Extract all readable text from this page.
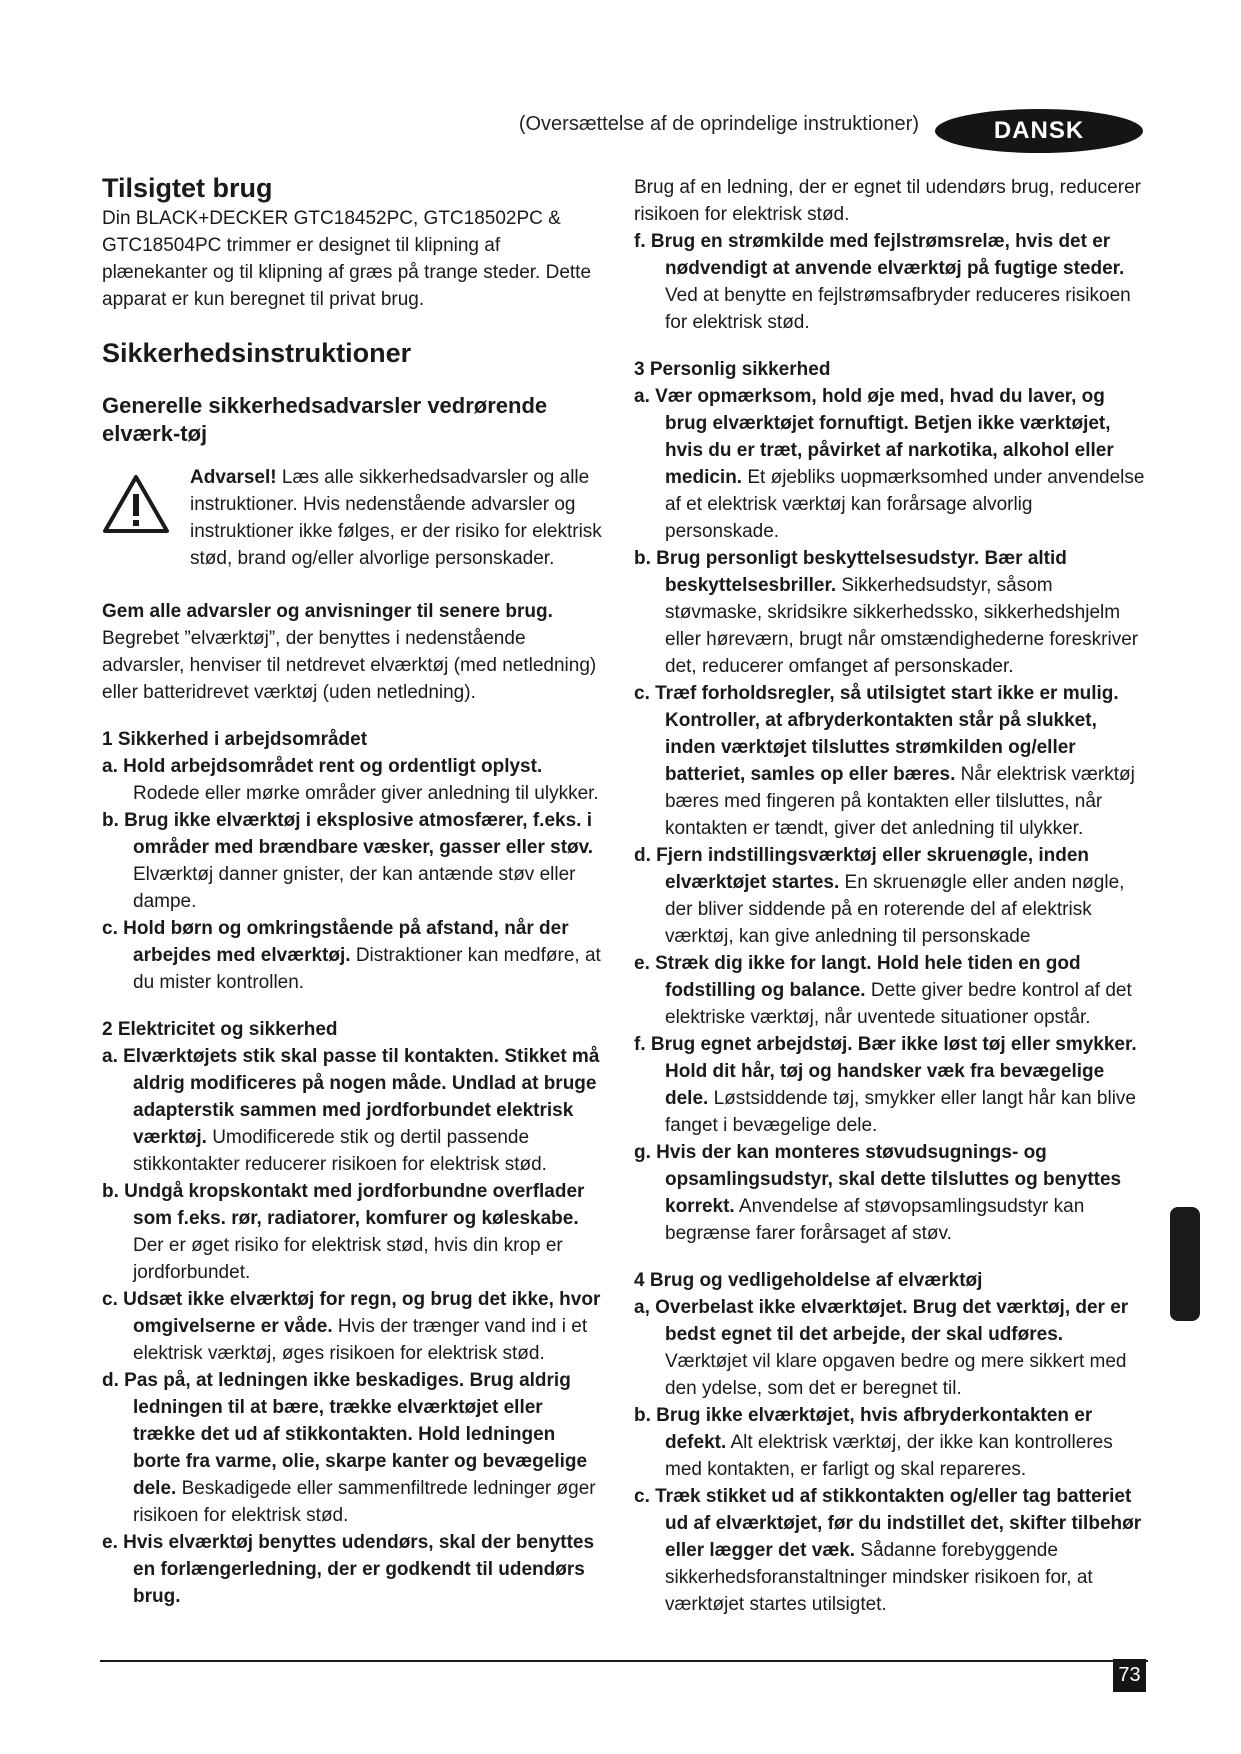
(Oversættelse af de oprindelige instruktioner)	DANSK
Tilsigtet brug

Din BLACK+DECKER GTC18452PC, GTC18502PC & GTC18504PC trimmer er designet til klipning af plænekanter og til klipning af græs på trange steder. Dette apparat er kun beregnet til privat brug.

Sikkerhedsinstruktioner
Generelle sikkerhedsadvarsler vedrørende elværk-tøj

Advarsel! Læs alle sikkerhedsadvarsler og alle instruktioner. Hvis nedenstående advarsler og instruktioner ikke følges, er der risiko for elektrisk stød, brand og/eller alvorlige personskader.

Gem alle advarsler og anvisninger til senere brug.

Begrebet ”elværktøj”, der benyttes i nedenstående advarsler, henviser til netdrevet elværktøj (med netledning) eller batteridrevet værktøj (uden netledning).

1 Sikkerhed i arbejdsområdet

a. Hold arbejdsområdet rent og ordentligt oplyst. Rodede eller mørke områder giver anledning til ulykker.

b. Brug ikke elværktøj i eksplosive atmosfærer, f.eks. i områder med brændbare væsker, gasser eller støv. Elværktøj danner gnister, der kan antænde støv eller dampe.

c. Hold børn og omkringstående på afstand, når der arbejdes med elværktøj. Distraktioner kan medføre, at du mister kontrollen.

2 Elektricitet og sikkerhed

a. Elværktøjets stik skal passe til kontakten. Stikket må aldrig modificeres på nogen måde. Undlad at bruge adapterstik sammen med jordforbundet elektrisk værktøj. Umodificerede stik og dertil passende stikkontakter reducerer risikoen for elektrisk stød.

b. Undgå kropskontakt med jordforbundne overflader som f.eks. rør, radiatorer, komfurer og køleskabe. Der er øget risiko for elektrisk stød, hvis din krop er jordforbundet.

c. Udsæt ikke elværktøj for regn, og brug det ikke, hvor omgivelserne er våde. Hvis der trænger vand ind i et elektrisk værktøj, øges risikoen for elektrisk stød.

d. Pas på, at ledningen ikke beskadiges. Brug aldrig ledningen til at bære, trække elværktøjet eller trække det ud af stikkontakten. Hold ledningen borte fra varme, olie, skarpe kanter og bevægelige dele. Beskadigede eller sammenfiltrede ledninger øger risikoen for elektrisk stød.

e. Hvis elværktøj benyttes udendørs, skal der benyttes en forlængerledning, der er godkendt til udendørs brug.

Brug af en ledning, der er egnet til udendørs brug, reducerer risikoen for elektrisk stød.

f. Brug en strømkilde med fejlstrømsrelæ, hvis det er nødvendigt at anvende elværktøj på fugtige steder. Ved at benytte en fejlstrømsafbryder reduceres risikoen for elektrisk stød.

3 Personlig sikkerhed

a. Vær opmærksom, hold øje med, hvad du laver, og brug elværktøjet fornuftigt. Betjen ikke værktøjet, hvis du er træt, påvirket af narkotika, alkohol eller medicin. Et øjebliks uopmærksomhed under anvendelse af et elektrisk værktøj kan forårsage alvorlig personskade.

b. Brug personligt beskyttelsesudstyr. Bær altid beskyttelsesbriller. Sikkerhedsudstyr, såsom støvmaske, skridsikre sikkerhedssko, sikkerhedshjelm eller høreværn, brugt når omstændighederne foreskriver det, reducerer omfanget af personskader.

c. Træf forholdsregler, så utilsigtet start ikke er mulig. Kontroller, at afbryderkontakten står på slukket, inden værktøjet tilsluttes strømkilden og/eller batteriet, samles op eller bæres. Når elektrisk værktøj bæres med fingeren på kontakten eller tilsluttes, når kontakten er tændt, giver det anledning til ulykker.

d. Fjern indstillingsværktøj eller skruenøgle, inden elværktøjet startes. En skruenøgle eller anden nøgle, der bliver siddende på en roterende del af elektrisk værktøj, kan give anledning til personskade

e. Stræk dig ikke for langt. Hold hele tiden en god fodstilling og balance. Dette giver bedre kontrol af det elektriske værktøj, når uventede situationer opstår.

f. Brug egnet arbejdstøj. Bær ikke løst tøj eller smykker. Hold dit hår, tøj og handsker væk fra bevægelige dele. Løstsiddende tøj, smykker eller langt hår kan blive fanget i bevægelige dele.

g. Hvis der kan monteres støvudsugnings- og opsamlingsudstyr, skal dette tilsluttes og benyttes korrekt. Anvendelse af støvopsamlingsudstyr kan begrænse farer forårsaget af støv.

4 Brug og vedligeholdelse af elværktøj

a, Overbelast ikke elværktøjet. Brug det værktøj, der er bedst egnet til det arbejde, der skal udføres. Værktøjet vil klare opgaven bedre og mere sikkert med den ydelse, som det er beregnet til.

b. Brug ikke elværktøjet, hvis afbryderkontakten er defekt. Alt elektrisk værktøj, der ikke kan kontrolleres med kontakten, er farligt og skal repareres.

c. Træk stikket ud af stikkontakten og/eller tag batteriet ud af elværktøjet, før du indstillet det, skifter tilbehør eller lægger det væk. Sådanne forebyggende sikkerhedsforanstaltninger mindsker risikoen for, at værktøjet startes utilsigtet.

73
